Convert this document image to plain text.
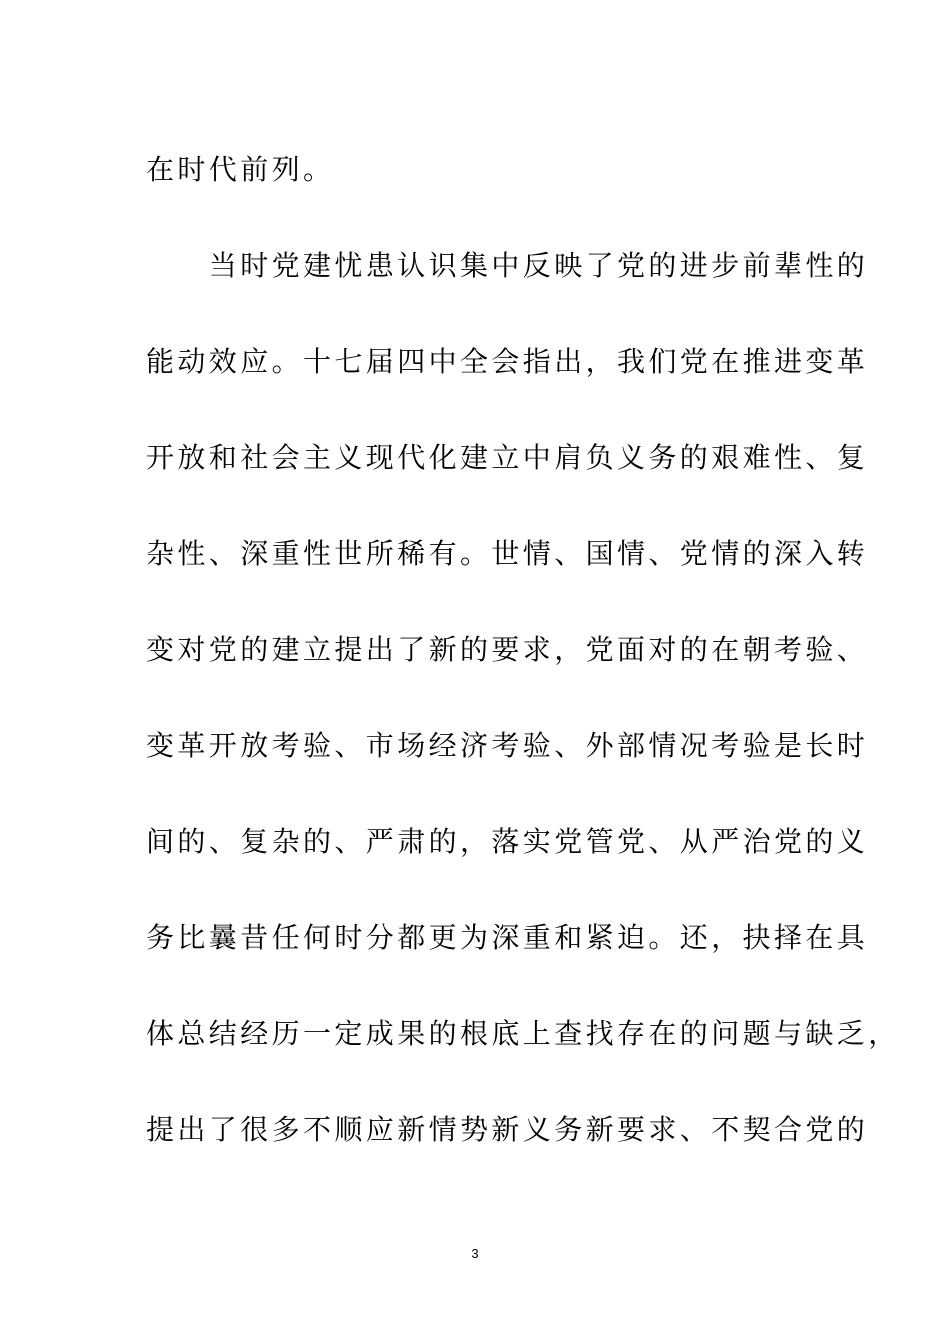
在时代前列。

　　当时党建忧患认识集中反映了党的进步前辈性的

能动效应。十七届四中全会指出，我们党在推进变革

开放和社会主义现代化建立中肩负义务的艰难性、复

杂性、深重性世所稀有。世情、国情、党情的深入转

变对党的建立提出了新的要求，党面对的在朝考验、

变革开放考验、市场经济考验、外部情况考验是长时

间的、复杂的、严肃的，落实党管党、从严治党的义

务比曩昔任何时分都更为深重和紧迫。还，抉择在具

体总结经历一定成果的根底上查找存在的问题与缺乏，

提出了很多不顺应新情势新义务新要求、不契合党的

3
